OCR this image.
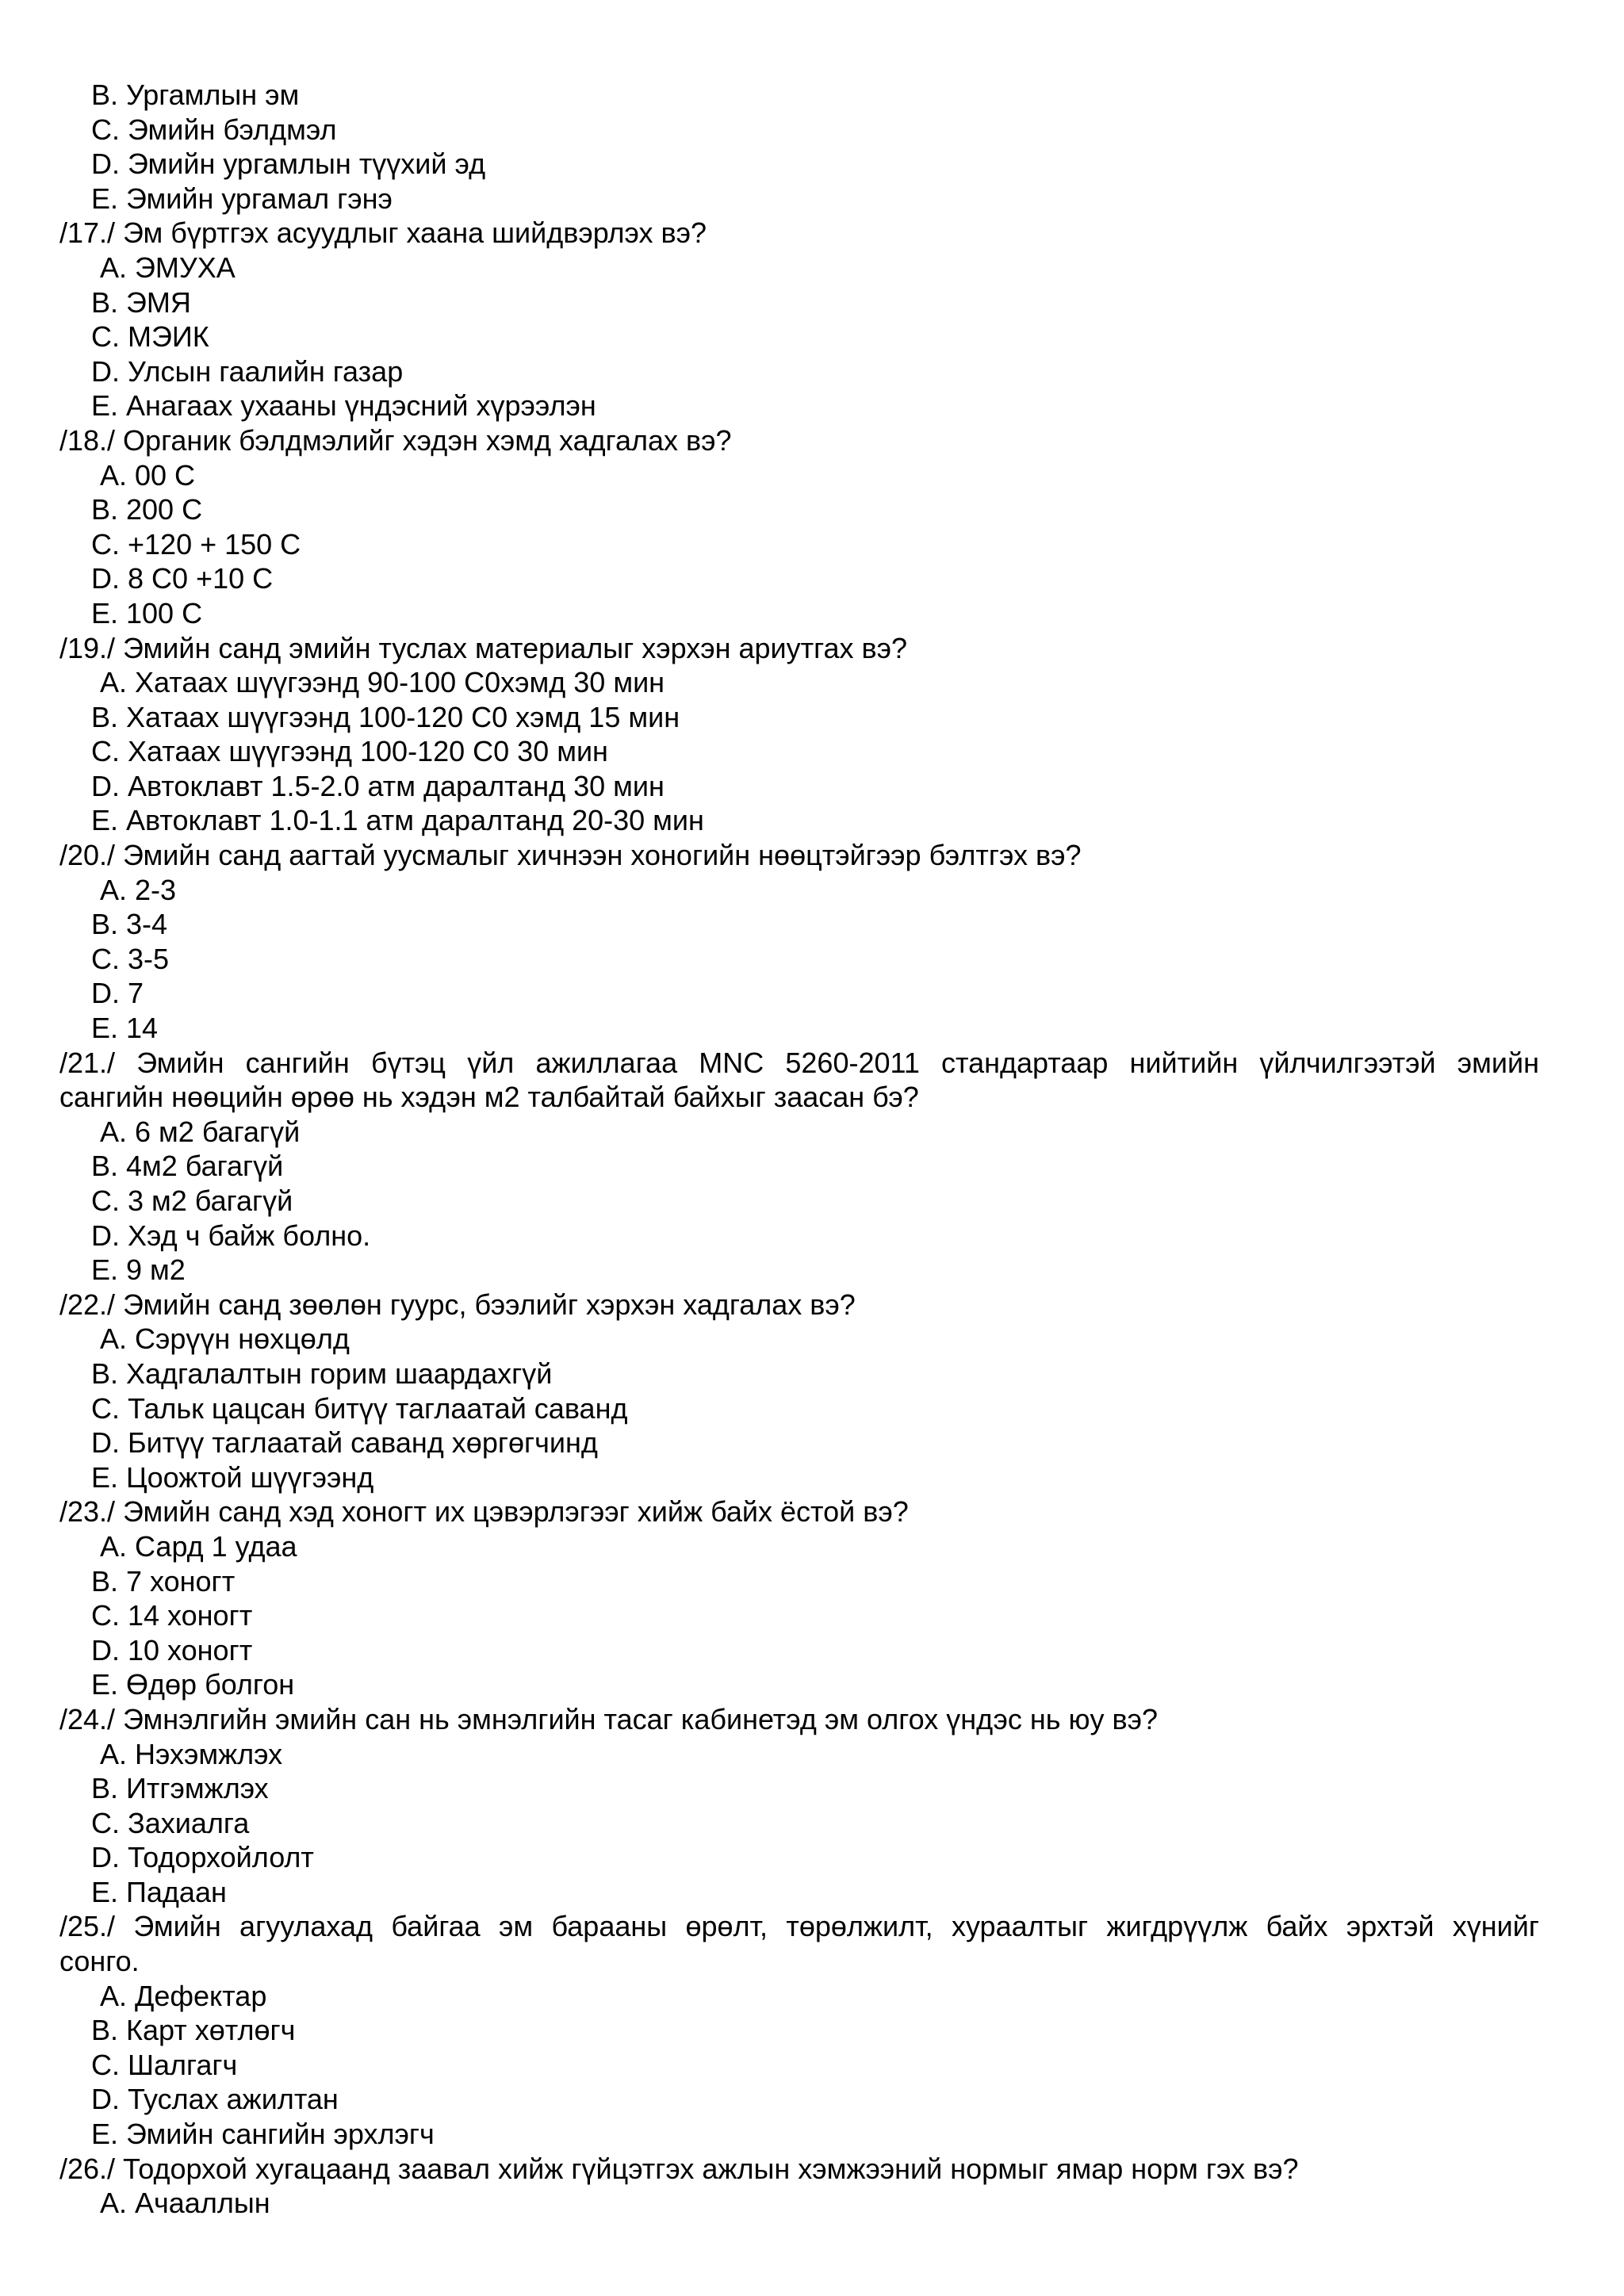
B. Ургамлын эм
C. Эмийн бэлдмэл
D. Эмийн ургамлын түүхий эд
E. Эмийн ургамал гэнэ
/17./ Эм бүртгэх асуудлыг хаана шийдвэрлэх вэ?
A. ЭМУХА
B. ЭМЯ
C. МЭИК
D. Улсын гаалийн газар
E. Анагаах ухааны үндэсний хүрээлэн
/18./ Органик бэлдмэлийг хэдэн хэмд хадгалах вэ?
A. 00 C
B. 200 C
C. +120 + 150 C
D. 8 C0 +10 C
E. 100 C
/19./ Эмийн санд эмийн туслах материалыг хэрхэн ариутгах вэ?
A. Хатаах шүүгээнд 90-100 C0хэмд 30 мин
B. Хатаах шүүгээнд 100-120 C0 хэмд 15 мин
C. Хатаах шүүгээнд 100-120 C0 30 мин
D. Автоклавт 1.5-2.0 атм даралтанд 30 мин
E. Автоклавт 1.0-1.1 атм даралтанд 20-30 мин
/20./ Эмийн санд аагтай уусмалыг хичнээн хоногийн нөөцтэйгээр бэлтгэх вэ?
A. 2-3
B. 3-4
C. 3-5
D. 7
E. 14
/21./ Эмийн сангийн бүтэц үйл ажиллагаа MNC 5260-2011 стандартаар нийтийн үйлчилгээтэй эмийн
сангийн нөөцийн өрөө нь хэдэн м2 талбайтай байхыг заасан бэ?
A. 6 м2 багагүй
B. 4м2 багагүй
C. 3 м2 багагүй
D. Хэд ч байж болно.
E. 9 м2
/22./ Эмийн санд зөөлөн гуурс, бээлийг хэрхэн хадгалах вэ?
A. Сэрүүн нөхцөлд
B. Хадгалалтын горим шаардахгүй
C. Тальк цацсан битүү таглаатай саванд
D. Битүү таглаатай саванд хөргөгчинд
E. Цоожтой шүүгээнд
/23./ Эмийн санд хэд хоногт их цэвэрлэгээг хийж байх ёстой вэ?
A. Сард 1 удаа
B. 7 хоногт
C. 14 хоногт
D. 10 хоногт
E. Өдөр болгон
/24./ Эмнэлгийн эмийн сан нь эмнэлгийн тасаг кабинетэд эм олгох үндэс нь юу вэ?
A. Нэхэмжлэх
B. Итгэмжлэх
C. Захиалга
D. Тодорхойлолт
E. Падаан
/25./ Эмийн агуулахад байгаа эм барааны өрөлт, төрөлжилт, хураалтыг жигдрүүлж байх эрхтэй хүнийг
сонго.
A. Дефектар
B. Карт хөтлөгч
C. Шалгагч
D. Туслах ажилтан
E. Эмийн сангийн эрхлэгч
/26./ Тодорхой хугацаанд заавал хийж гүйцэтгэх ажлын хэмжээний нормыг ямар норм гэх вэ?
A. Ачааллын
